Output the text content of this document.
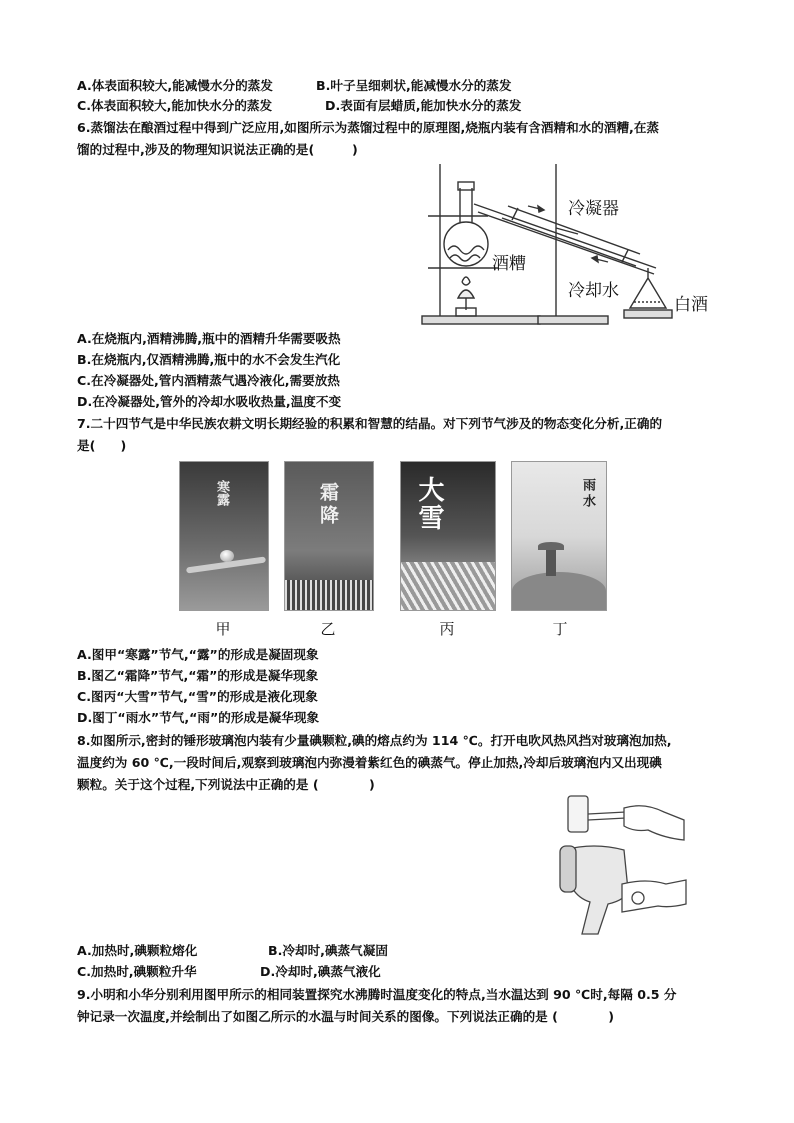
A.体表面积较大,能减慢水分的蒸发	B.叶子呈细刺状,能减慢水分的蒸发
C.体表面积较大,能加快水分的蒸发	D.表面有层蜡质,能加快水分的蒸发
6.蒸馏法在酿酒过程中得到广泛应用,如图所示为蒸馏过程中的原理图,烧瓶内装有含酒精和水的酒糟,在蒸
馏的过程中,涉及的物理知识说法正确的是(　　　)
冷凝器
酒糟
冷却水
白酒
A.在烧瓶内,酒精沸腾,瓶中的酒精升华需要吸热
B.在烧瓶内,仅酒精沸腾,瓶中的水不会发生汽化
C.在冷凝器处,管内酒精蒸气遇冷液化,需要放热
D.在冷凝器处,管外的冷却水吸收热量,温度不变
7.二十四节气是中华民族农耕文明长期经验的积累和智慧的结晶。对下列节气涉及的物态变化分析,正确的
是(　　)
寒露
甲
霜降
乙
大雪
丙
雨水
丁
A.图甲“寒露”节气,“露”的形成是凝固现象
B.图乙“霜降”节气,“霜”的形成是凝华现象
C.图丙“大雪”节气,“雪”的形成是液化现象
D.图丁“雨水”节气,“雨”的形成是凝华现象
8.如图所示,密封的锤形玻璃泡内装有少量碘颗粒,碘的熔点约为 114 ℃。打开电吹风热风挡对玻璃泡加热,
温度约为 60 ℃,一段时间后,观察到玻璃泡内弥漫着紫红色的碘蒸气。停止加热,冷却后玻璃泡内又出现碘
颗粒。关于这个过程,下列说法中正确的是 (　　　　)
A.加热时,碘颗粒熔化	B.冷却时,碘蒸气凝固
C.加热时,碘颗粒升华	D.冷却时,碘蒸气液化
9.小明和小华分别利用图甲所示的相同装置探究水沸腾时温度变化的特点,当水温达到 90 ℃时,每隔 0.5 分
钟记录一次温度,并绘制出了如图乙所示的水温与时间关系的图像。下列说法正确的是 (　　　　)
